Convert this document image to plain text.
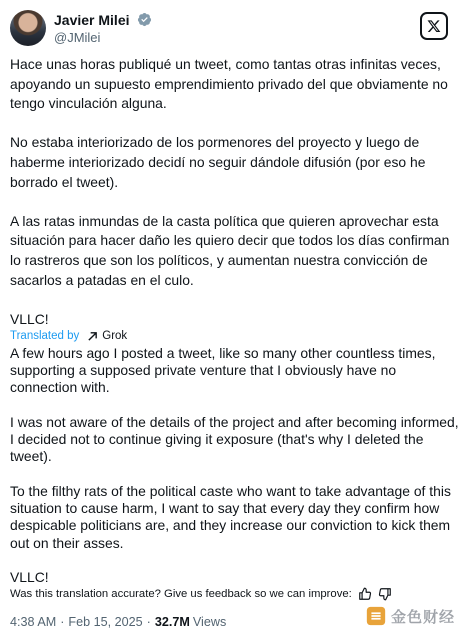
Javier Milei
@JMilei

Hace unas horas publiqué un tweet, como tantas otras infinitas veces,
apoyando un supuesto emprendimiento privado del que obviamente no
tengo vinculación alguna.

No estaba interiorizado de los pormenores del proyecto y luego de
haberme interiorizado decidí no seguir dándole difusión (por eso he
borrado el tweet).

A las ratas inmundas de la casta política que quieren aprovechar esta
situación para hacer daño les quiero decir que todos los días confirman
lo rastreros que son los políticos, y aumentan nuestra convicción de
sacarlos a patadas en el culo.

VLLC!

Translated by Grok

A few hours ago I posted a tweet, like so many other countless times, supporting a supposed private venture that I obviously have no connection with.

I was not aware of the details of the project and after becoming informed, I decided not to continue giving it exposure (that's why I deleted the tweet).

To the filthy rats of the political caste who want to take advantage of this situation to cause harm, I want to say that every day they confirm how despicable politicians are, and they increase our conviction to kick them out on their asses.

VLLC!

Was this translation accurate? Give us feedback so we can improve:
4:38 AM · Feb 15, 2025 · 32.7M Views	金色财经
